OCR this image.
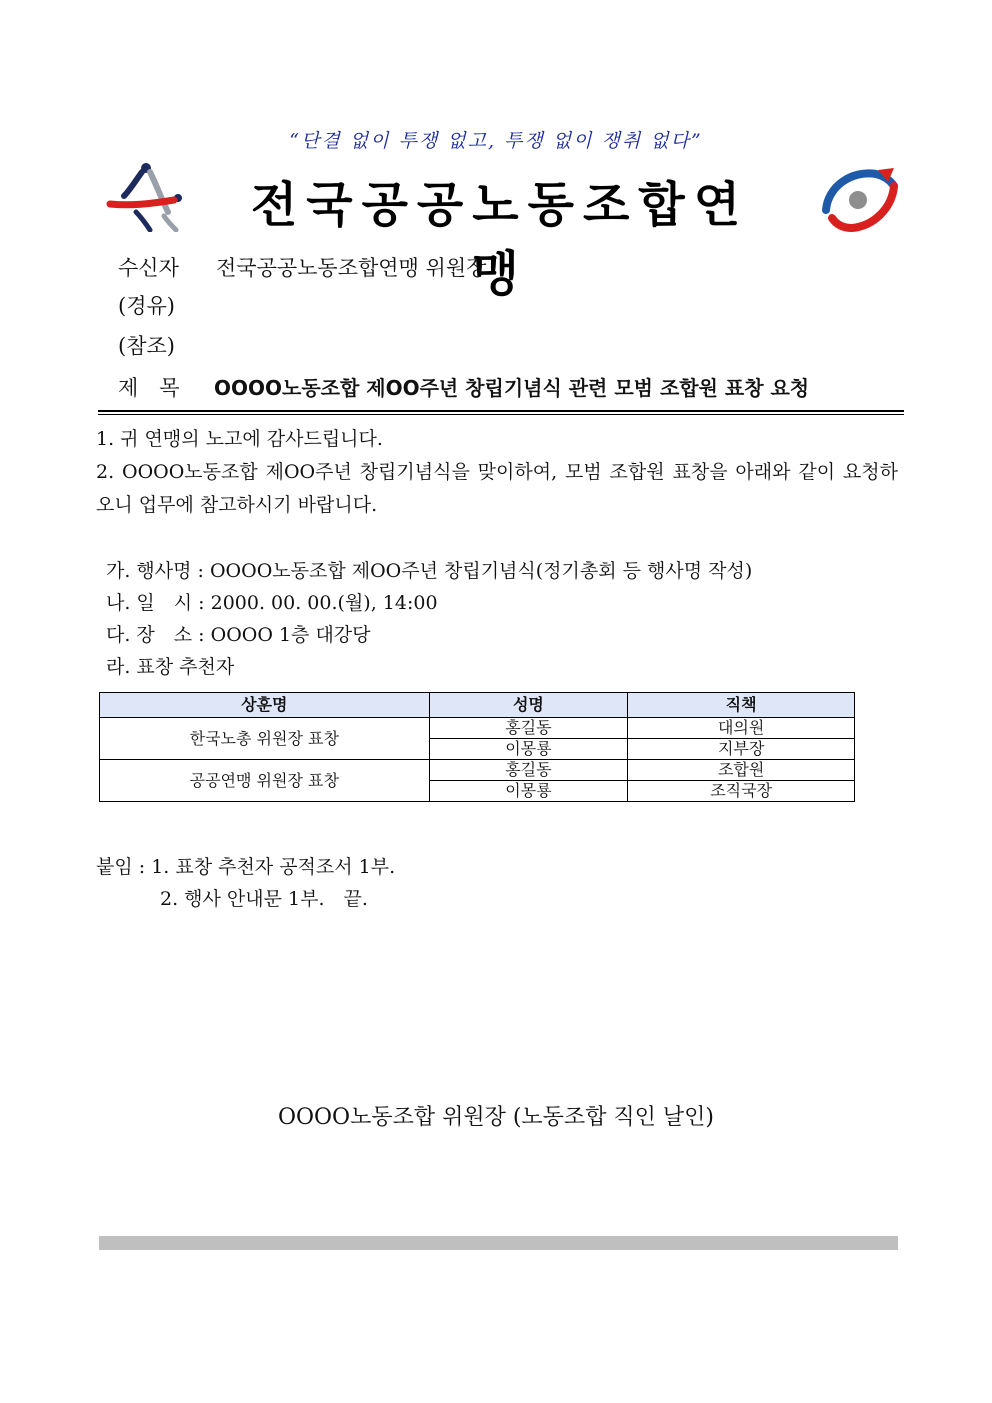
“단결 없이 투쟁 없고, 투쟁 없이 쟁취 없다”
전국공공노동조합연맹
수신자 전국공공노동조합연맹 위원장
(경유)
(참조)
제　목 OOOO노동조합 제OO주년 창립기념식 관련 모범 조합원 표창 요청
1. 귀 연맹의 노고에 감사드립니다.
2. OOOO노동조합 제OO주년 창립기념식을 맞이하여, 모범 조합원 표창을 아래와 같이 요청하오니 업무에 참고하시기 바랍니다.
가. 행사명 : OOOO노동조합 제OO주년 창립기념식(정기총회 등 행사명 작성)
나. 일　시 : 2000. 00. 00.(월), 14:00
다. 장　소 : OOOO 1층 대강당
라. 표창 추천자
상훈명	성명	직책
한국노총 위원장 표창	홍길동	대의원
	이몽룡	지부장
공공연맹 위원장 표창	홍길동	조합원
	이몽룡	조직국장
붙임 : 1. 표창 추천자 공적조서 1부.
2. 행사 안내문 1부.　끝.
OOOO노동조합 위원장 (노동조합 직인 날인)
